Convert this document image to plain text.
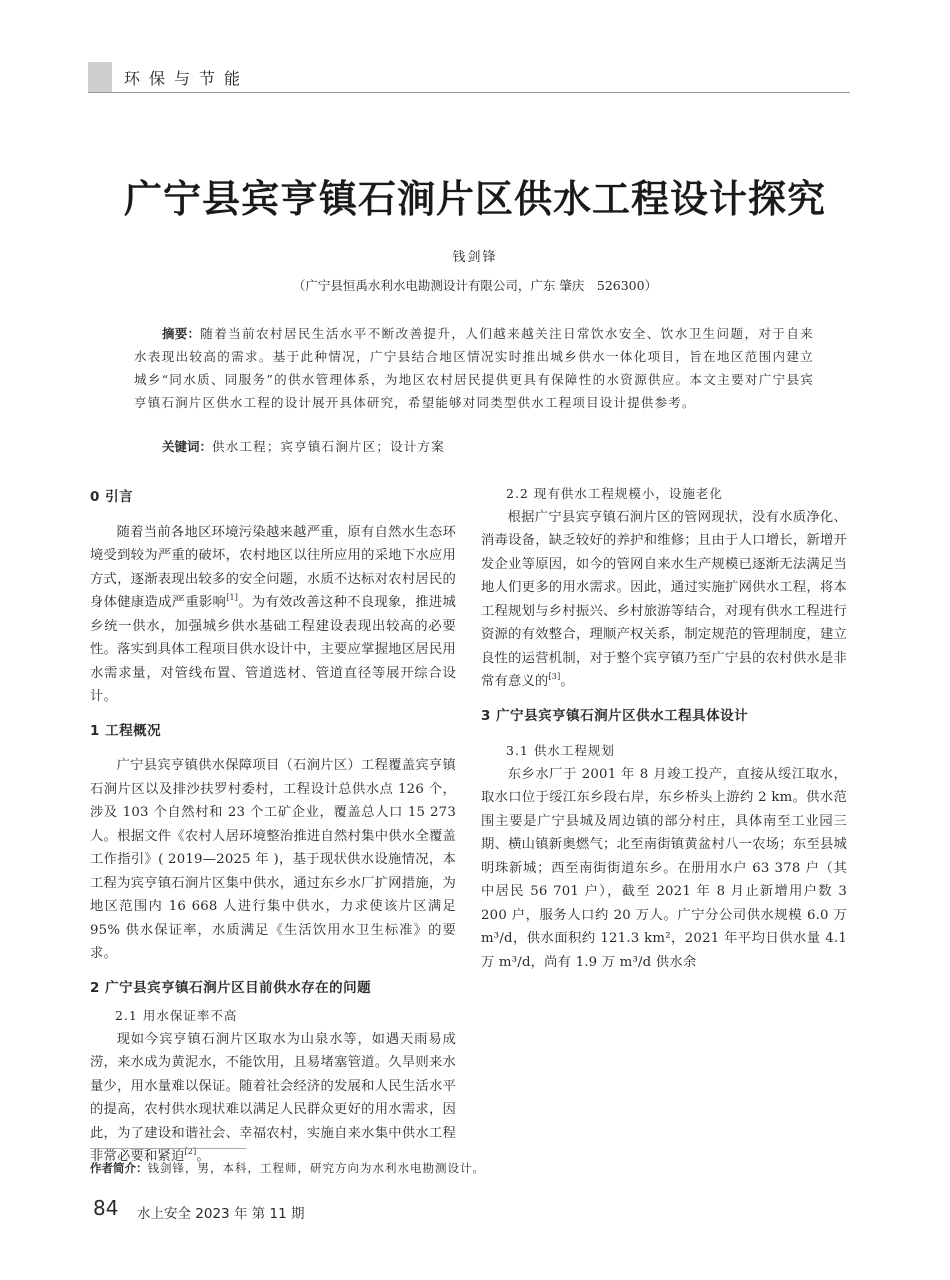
环保与节能
广宁县宾亨镇石涧片区供水工程设计探究
钱剑锋
（广宁县恒禹水利水电勘测设计有限公司，广东 肇庆　526300）
摘要：随着当前农村居民生活水平不断改善提升，人们越来越关注日常饮水安全、饮水卫生问题，对于自来水表现出较高的需求。基于此种情况，广宁县结合地区情况实时推出城乡供水一体化项目，旨在地区范围内建立城乡“同水质、同服务”的供水管理体系，为地区农村居民提供更具有保障性的水资源供应。本文主要对广宁县宾亨镇石涧片区供水工程的设计展开具体研究，希望能够对同类型供水工程项目设计提供参考。
关键词：供水工程；宾亨镇石涧片区；设计方案
0 引言

随着当前各地区环境污染越来越严重，原有自然水生态环境受到较为严重的破坏，农村地区以往所应用的采地下水应用方式，逐渐表现出较多的安全问题，水质不达标对农村居民的身体健康造成严重影响[1]。为有效改善这种不良现象，推进城乡统一供水，加强城乡供水基础工程建设表现出较高的必要性。落实到具体工程项目供水设计中，主要应掌握地区居民用水需求量，对管线布置、管道选材、管道直径等展开综合设计。

1 工程概况

广宁县宾亨镇供水保障项目（石涧片区）工程覆盖宾亨镇石涧片区以及排沙扶罗村委村，工程设计总供水点 126 个，涉及 103 个自然村和 23 个工矿企业，覆盖总人口 15 273 人。根据文件《农村人居环境整治推进自然村集中供水全覆盖工作指引》( 2019—2025 年 )，基于现状供水设施情况，本工程为宾亨镇石涧片区集中供水，通过东乡水厂扩网措施，为地区范围内 16 668 人进行集中供水，力求使该片区满足 95% 供水保证率，水质满足《生活饮用水卫生标准》的要求。

2 广宁县宾亨镇石涧片区目前供水存在的问题
2.1 用水保证率不高

现如今宾亨镇石涧片区取水为山泉水等，如遇天雨易成涝，来水成为黄泥水，不能饮用，且易堵塞管道。久旱则来水量少，用水量难以保证。随着社会经济的发展和人民生活水平的提高，农村供水现状难以满足人民群众更好的用水需求，因此，为了建设和谐社会、幸福农村，实施自来水集中供水工程非常必要和紧迫[2]。

2.2 现有供水工程规模小，设施老化

根据广宁县宾亨镇石涧片区的管网现状，没有水质净化、消毒设备，缺乏较好的养护和维修；且由于人口增长，新增开发企业等原因，如今的管网自来水生产规模已逐渐无法满足当地人们更多的用水需求。因此，通过实施扩网供水工程，将本工程规划与乡村振兴、乡村旅游等结合，对现有供水工程进行资源的有效整合，理顺产权关系，制定规范的管理制度，建立良性的运营机制，对于整个宾亨镇乃至广宁县的农村供水是非常有意义的[3]。

3 广宁县宾亨镇石涧片区供水工程具体设计
3.1 供水工程规划

东乡水厂于 2001 年 8 月竣工投产，直接从绥江取水，取水口位于绥江东乡段右岸，东乡桥头上游约 2 km。供水范围主要是广宁县城及周边镇的部分村庄，具体南至工业园三期、横山镇新奥燃气；北至南街镇黄盆村八一农场；东至县城明珠新城；西至南街街道东乡。在册用水户 63 378 户（其中居民 56 701 户），截至 2021 年 8 月止新增用户数 3 200 户，服务人口约 20 万人。广宁分公司供水规模 6.0 万 m³/d，供水面积约 121.3 km²，2021 年平均日供水量 4.1 万 m³/d，尚有 1.9 万 m³/d 供水余

作者简介：钱剑锋，男，本科，工程师，研究方向为水利水电勘测设计。
84 水上安全 2023 年 第 11 期
